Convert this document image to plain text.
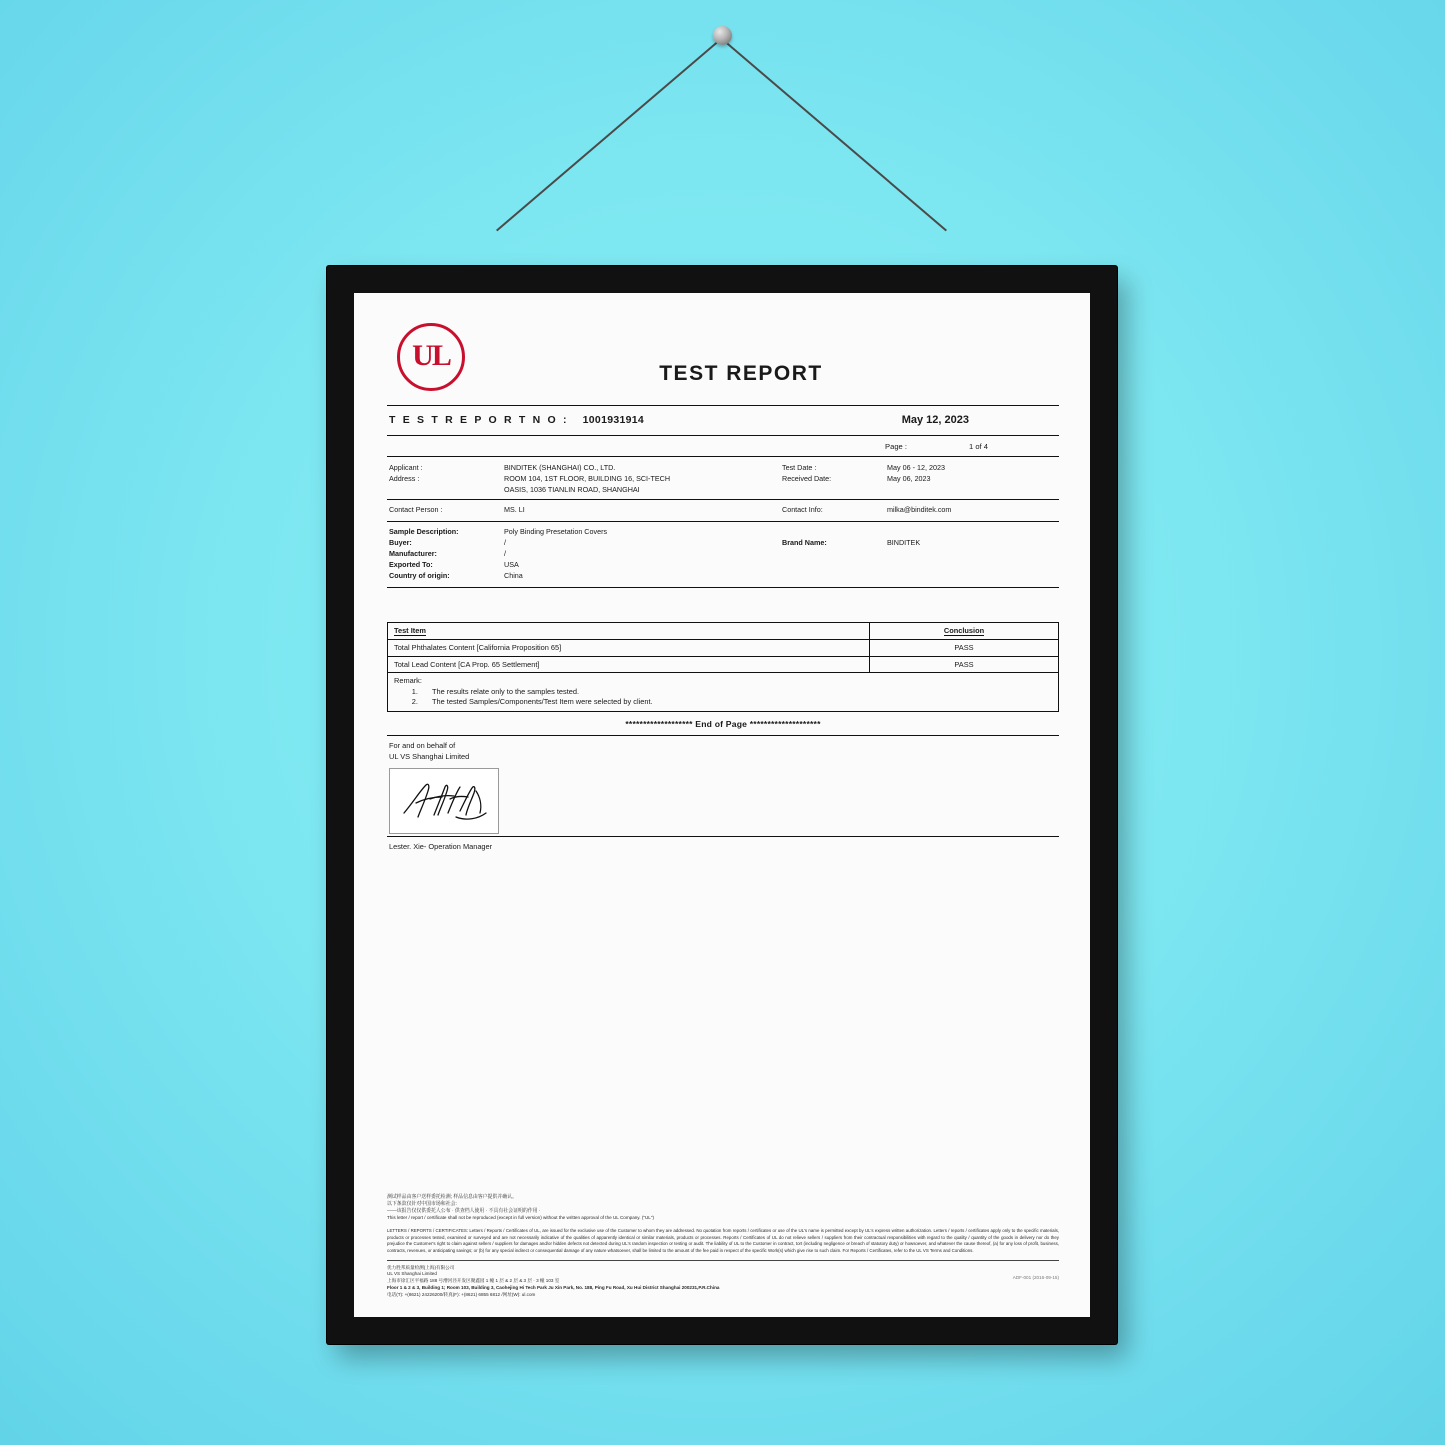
UL
TEST REPORT
T E S T R E P O R T N O : 1001931914	May 12, 2023
Page :	1 of 4
Applicant :	BINDITEK (SHANGHAI) CO., LTD.	Test Date :	May 06 - 12, 2023
Address :	ROOM 104, 1ST FLOOR, BUILDING 16, SCI-TECH	Received Date:	May 06, 2023
OASIS, 1036 TIANLIN ROAD, SHANGHAI
Contact Person :	MS. LI	Contact Info:	milka@binditek.com
Sample Description:	Poly Binding Presetation Covers
Buyer:	/	Brand Name:	BINDITEK
Manufacturer:	/
Exported To:	USA
Country of origin:	China
Test Item	Conclusion
Total Phthalates Content [California Proposition 65]	PASS
Total Lead Content [CA Prop. 65 Settlement]	PASS

Remark:
1. The results relate only to the samples tested.
2. The tested Samples/Components/Test Item were selected by client.
******************* End of Page ********************
For and on behalf of
UL VS Shanghai Limited
Lester. Xie- Operation Manager
测试样品由客户送样委托检测; 样品信息由客户提供并确认。
以下条款仅针对中国市场和社会:
——该报告仅仅供委托人公布 · 供查档人使用 · 不具有社会证明的作用 ·
This letter / report / certificate shall not be reproduced (except in full version) without the written approval of the UL Company. ("UL")
LETTERS / REPORTS / CERTIFICATES: Letters / Reports / Certificates of UL, are issued for the exclusive use of the Customer to whom they are addressed. No quotation from reports / certificates or use of the UL's name is permitted except by UL's express written authorization. Letters / reports / certificates apply only to the specific materials, products or processes tested, examined or surveyed and are not necessarily indicative of the qualities of apparently identical or similar materials, products or processes. Reports / Certificates of UL do not relieve sellers / suppliers from their contractual responsibilities with regard to the quality / quantity of the goods in delivery nor do they prejudice the Customer's right to claim against sellers / suppliers for damages and/or hidden defects not detected during UL's random inspection or testing or audit. The liability of UL to the Customer in contract, tort (including negligence or breach of statutory duty) or howsoever, and whatever the cause thereof, (a) for any loss of profit, business, contracts, revenues, or anticipating savings; or (b) for any special indirect or consequential damage of any nature whatsoever, shall be limited to the amount of the fee paid in respect of the specific Work(s) which give rise to such claim. For Reports / Certificates, refer to the UL VS Terms and Conditions.
优力胜邦质量检测(上海)有限公司
UL VS Shanghai Limited
上海市徐汇区平福路 188 号漕河泾开发区聚鑫园 1 幢 1 层 & 2 层 & 3 层 · 3 幢 103 室
Floor 1 & 2 & 3, Building 1; Room 103, Building 3, Caohejing Hi Tech Park Ju Xin Park, No. 188, Ping Fu Road, Xu Hui District Shanghai 200231,P.R.China
电话(T): +(8621) 24226200/转真(F): +(8621) 6855 6812 /网址(W): ul.com
ADF-001 (2016-09-15)
